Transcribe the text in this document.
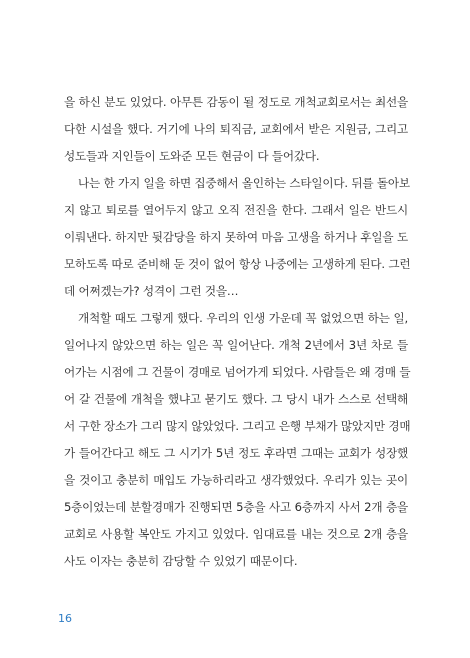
을 하신 분도 있었다. 아무튼 감동이 될 정도로 개척교회로서는 최선을
다한 시설을 했다. 거기에 나의 퇴직금, 교회에서 받은 지원금, 그리고
성도들과 지인들이 도와준 모든 현금이 다 들어갔다.
나는 한 가지 일을 하면 집중해서 올인하는 스타일이다. 뒤를 돌아보
지 않고 퇴로를 열어두지 않고 오직 전진을 한다. 그래서 일은 반드시
이뤄낸다. 하지만 뒷감당을 하지 못하여 마음 고생을 하거나 후일을 도
모하도록 따로 준비해 둔 것이 없어 항상 나중에는 고생하게 된다. 그런
데 어쩌겠는가? 성격이 그런 것을…
개척할 때도 그렇게 했다. 우리의 인생 가운데 꼭 없었으면 하는 일,
일어나지 않았으면 하는 일은 꼭 일어난다. 개척 2년에서 3년 차로 들
어가는 시점에 그 건물이 경매로 넘어가게 되었다. 사람들은 왜 경매 들
어 갈 건물에 개척을 했냐고 묻기도 했다. 그 당시 내가 스스로 선택해
서 구한 장소가 그리 많지 않았었다. 그리고 은행 부채가 많았지만 경매
가 들어간다고 해도 그 시기가 5년 정도 후라면 그때는 교회가 성장했
을 것이고 충분히 매입도 가능하리라고 생각했었다. 우리가 있는 곳이
5층이었는데 분할경매가 진행되면 5층을 사고 6층까지 사서 2개 층을
교회로 사용할 복안도 가지고 있었다. 임대료를 내는 것으로 2개 층을
사도 이자는 충분히 감당할 수 있었기 때문이다.
16
